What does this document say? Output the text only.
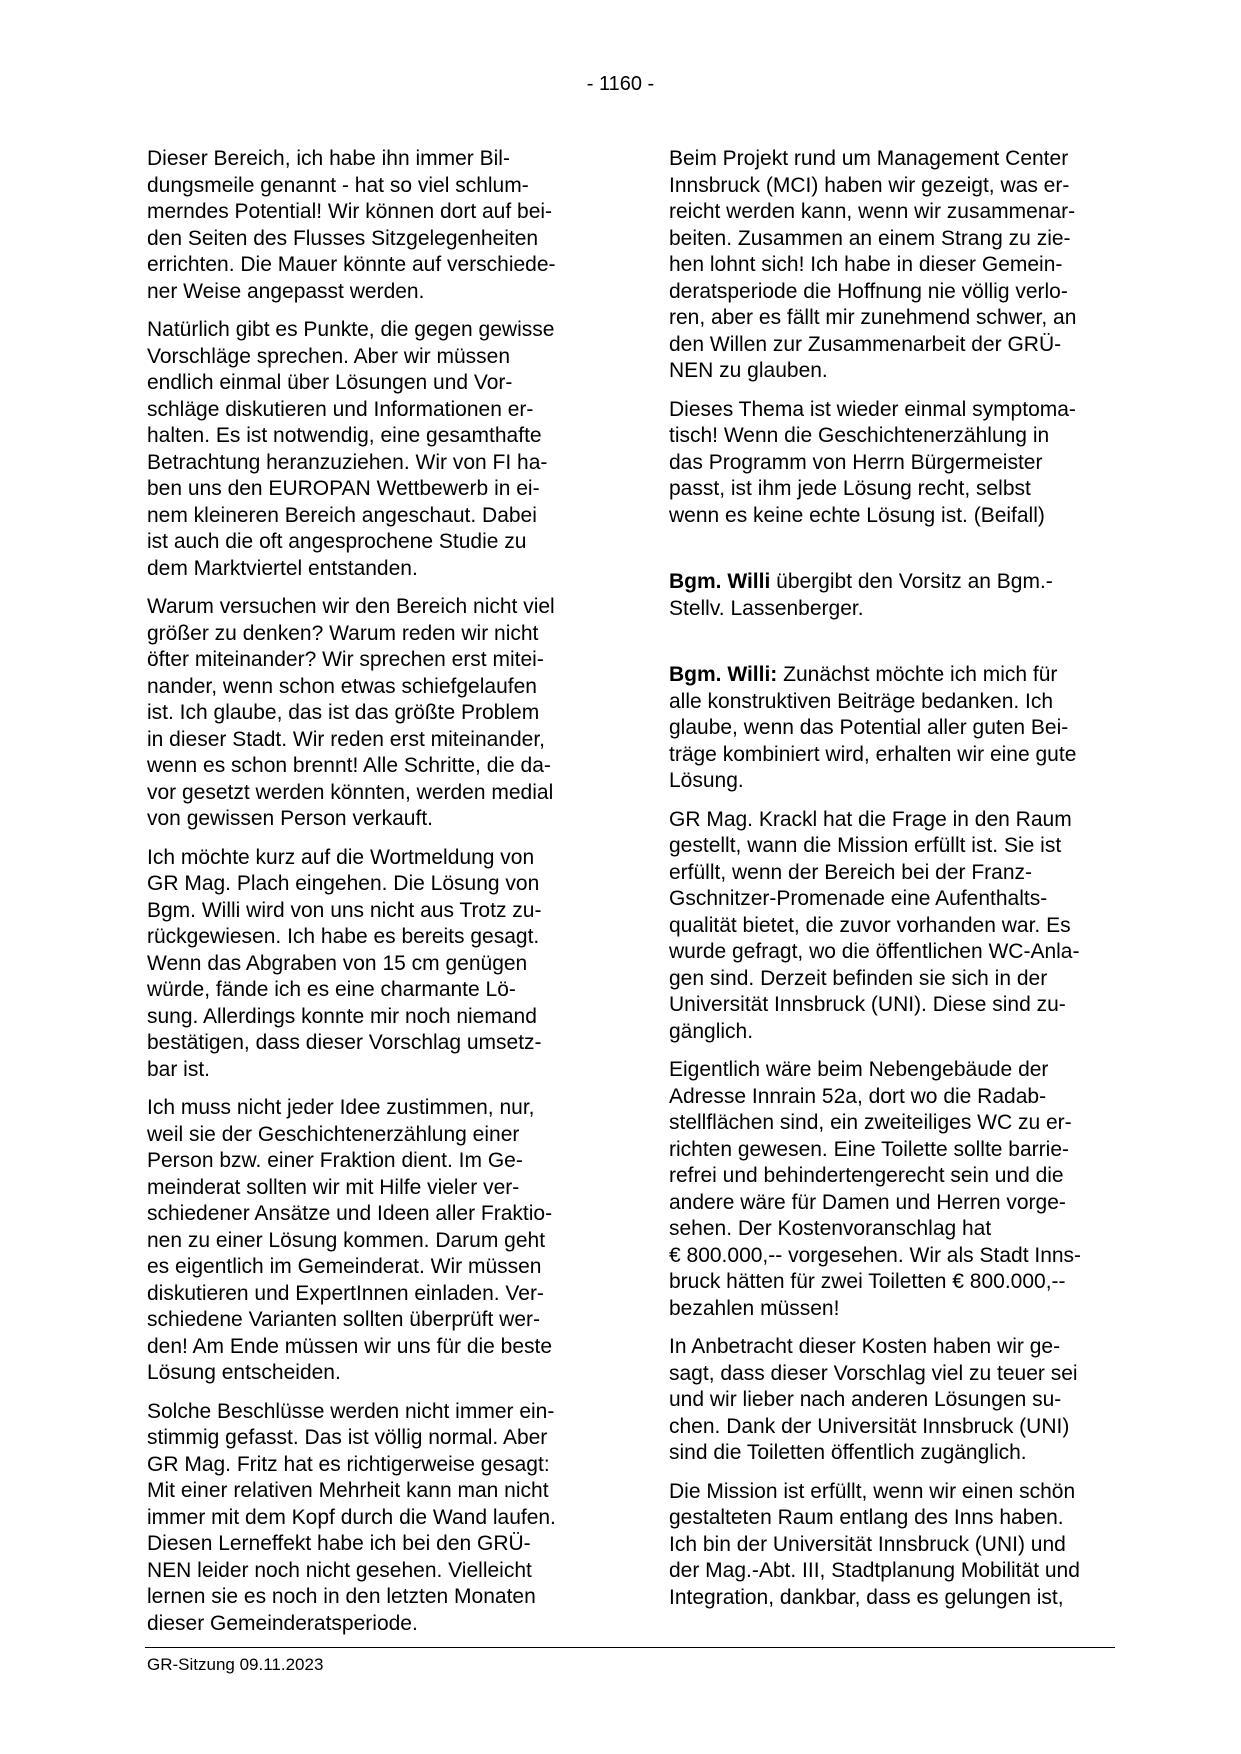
- 1160 -

Dieser Bereich, ich habe ihn immer Bil-
dungsmeile genannt - hat so viel schlum-
merndes Potential! Wir können dort auf bei-
den Seiten des Flusses Sitzgelegenheiten
errichten. Die Mauer könnte auf verschiede-
ner Weise angepasst werden.

Natürlich gibt es Punkte, die gegen gewisse
Vorschläge sprechen. Aber wir müssen
endlich einmal über Lösungen und Vor-
schläge diskutieren und Informationen er-
halten. Es ist notwendig, eine gesamthafte
Betrachtung heranzuziehen. Wir von FI ha-
ben uns den EUROPAN Wettbewerb in ei-
nem kleineren Bereich angeschaut. Dabei
ist auch die oft angesprochene Studie zu
dem Marktviertel entstanden.

Warum versuchen wir den Bereich nicht viel
größer zu denken? Warum reden wir nicht
öfter miteinander? Wir sprechen erst mitei-
nander, wenn schon etwas schiefgelaufen
ist. Ich glaube, das ist das größte Problem
in dieser Stadt. Wir reden erst miteinander,
wenn es schon brennt! Alle Schritte, die da-
vor gesetzt werden könnten, werden medial
von gewissen Person verkauft.

Ich möchte kurz auf die Wortmeldung von
GR Mag. Plach eingehen. Die Lösung von
Bgm. Willi wird von uns nicht aus Trotz zu-
rückgewiesen. Ich habe es bereits gesagt.
Wenn das Abgraben von 15 cm genügen
würde, fände ich es eine charmante Lö-
sung. Allerdings konnte mir noch niemand
bestätigen, dass dieser Vorschlag umsetz-
bar ist.

Ich muss nicht jeder Idee zustimmen, nur,
weil sie der Geschichtenerzählung einer
Person bzw. einer Fraktion dient. Im Ge-
meinderat sollten wir mit Hilfe vieler ver-
schiedener Ansätze und Ideen aller Fraktio-
nen zu einer Lösung kommen. Darum geht
es eigentlich im Gemeinderat. Wir müssen
diskutieren und ExpertInnen einladen. Ver-
schiedene Varianten sollten überprüft wer-
den! Am Ende müssen wir uns für die beste
Lösung entscheiden.

Solche Beschlüsse werden nicht immer ein-
stimmig gefasst. Das ist völlig normal. Aber
GR Mag. Fritz hat es richtigerweise gesagt:
Mit einer relativen Mehrheit kann man nicht
immer mit dem Kopf durch die Wand laufen.
Diesen Lerneffekt habe ich bei den GRÜ-
NEN leider noch nicht gesehen. Vielleicht
lernen sie es noch in den letzten Monaten
dieser Gemeinderatsperiode.

Beim Projekt rund um Management Center
Innsbruck (MCI) haben wir gezeigt, was er-
reicht werden kann, wenn wir zusammenar-
beiten. Zusammen an einem Strang zu zie-
hen lohnt sich! Ich habe in dieser Gemein-
deratsperiode die Hoffnung nie völlig verlo-
ren, aber es fällt mir zunehmend schwer, an
den Willen zur Zusammenarbeit der GRÜ-
NEN zu glauben.

Dieses Thema ist wieder einmal symptoma-
tisch! Wenn die Geschichtenerzählung in
das Programm von Herrn Bürgermeister
passt, ist ihm jede Lösung recht, selbst
wenn es keine echte Lösung ist. (Beifall)

Bgm. Willi übergibt den Vorsitz an Bgm.-
Stellv. Lassenberger.

Bgm. Willi: Zunächst möchte ich mich für
alle konstruktiven Beiträge bedanken. Ich
glaube, wenn das Potential aller guten Bei-
träge kombiniert wird, erhalten wir eine gute
Lösung.

GR Mag. Krackl hat die Frage in den Raum
gestellt, wann die Mission erfüllt ist. Sie ist
erfüllt, wenn der Bereich bei der Franz-
Gschnitzer-Promenade eine Aufenthalts-
qualität bietet, die zuvor vorhanden war. Es
wurde gefragt, wo die öffentlichen WC-Anla-
gen sind. Derzeit befinden sie sich in der
Universität Innsbruck (UNI). Diese sind zu-
gänglich.

Eigentlich wäre beim Nebengebäude der
Adresse Innrain 52a, dort wo die Radab-
stellflächen sind, ein zweiteiliges WC zu er-
richten gewesen. Eine Toilette sollte barrie-
refrei und behindertengerecht sein und die
andere wäre für Damen und Herren vorge-
sehen. Der Kostenvoranschlag hat
€ 800.000,-- vorgesehen. Wir als Stadt Inns-
bruck hätten für zwei Toiletten € 800.000,--
bezahlen müssen!

In Anbetracht dieser Kosten haben wir ge-
sagt, dass dieser Vorschlag viel zu teuer sei
und wir lieber nach anderen Lösungen su-
chen. Dank der Universität Innsbruck (UNI)
sind die Toiletten öffentlich zugänglich.

Die Mission ist erfüllt, wenn wir einen schön
gestalteten Raum entlang des Inns haben.
Ich bin der Universität Innsbruck (UNI) und
der Mag.-Abt. III, Stadtplanung Mobilität und
Integration, dankbar, dass es gelungen ist,

GR-Sitzung 09.11.2023
